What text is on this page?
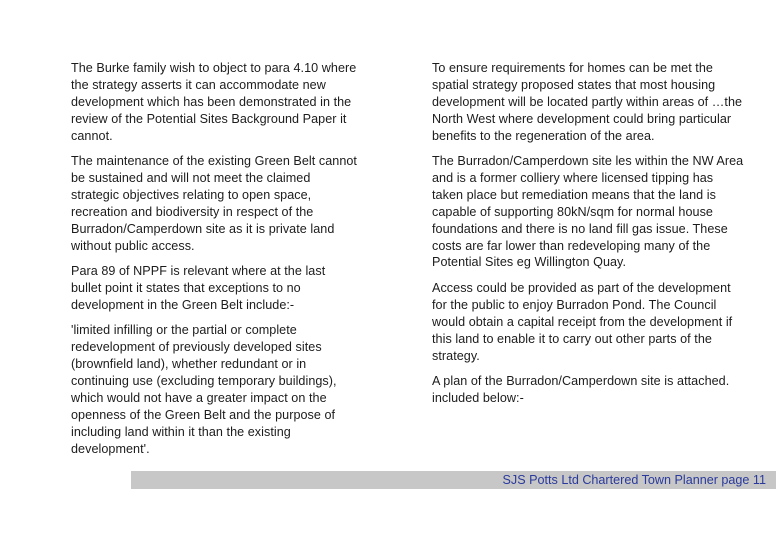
The Burke family wish to object to para 4.10 where the strategy asserts it can accommodate new development which has been demonstrated in the review of the Potential Sites Background Paper it cannot.

The maintenance of the existing Green Belt cannot be sustained and will not meet the claimed strategic objectives relating to open space, recreation and biodiversity in respect of the Burradon/Camperdown site as it is private land without public access.

Para 89 of NPPF is relevant where at the last bullet point it states that exceptions to no development in the Green Belt include:-

'limited infilling or the partial or complete redevelopment of previously developed sites (brownfield land), whether redundant or in continuing use (excluding temporary buildings), which would not have a greater impact on the openness of the Green Belt and the purpose of including land within it than the existing development'.

To ensure requirements for homes can be met the spatial strategy proposed states that most housing development will be located partly within areas of …the North West where development could bring particular benefits to the regeneration of the area.

The Burradon/Camperdown site les within the NW Area and is a former colliery where licensed tipping has taken place but remediation means that the land is capable of supporting 80kN/sqm for normal house foundations and there is no land fill gas issue. These costs are far lower than redeveloping many of the Potential Sites eg Willington Quay.

Access could be provided as part of the development for the public to enjoy Burradon Pond. The Council would obtain a capital receipt from the development if this land to enable it to carry out other parts of the strategy.

A plan of the Burradon/Camperdown site is attached. included below:-

SJS Potts Ltd Chartered Town Planner page 11
